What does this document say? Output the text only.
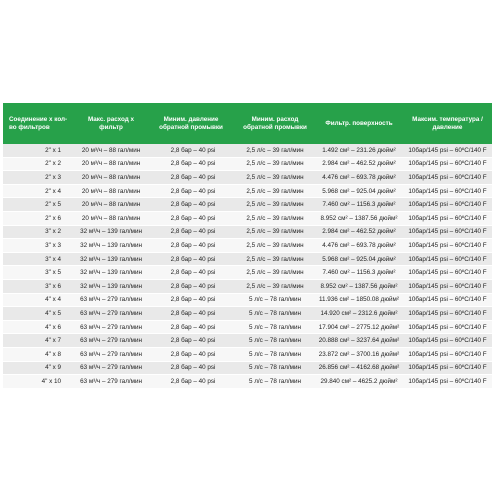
Соединение x кол-во фильтров	Макс. расход x фильтр	Миним. давление обратной промывки	Миним. расход обратной промывки	Фильтр. поверхность	Максим. температура / давление
2" x 1	20 м³/ч – 88 гал/мин	2,8 бар – 40 psi	2,5 л/с – 39 гал/мин	1.492 см² – 231.26 дюйм²	10бар/145 psi – 60ºC/140 F
2" x 2	20 м³/ч – 88 гал/мин	2,8 бар – 40 psi	2,5 л/с – 39 гал/мин	2.984 см² – 462.52 дюйм²	10бар/145 psi – 60ºC/140 F
2" x 3	20 м³/ч – 88 гал/мин	2,8 бар – 40 psi	2,5 л/с – 39 гал/мин	4.476 см² – 693.78 дюйм²	10бар/145 psi – 60ºC/140 F
2" x 4	20 м³/ч – 88 гал/мин	2,8 бар – 40 psi	2,5 л/с – 39 гал/мин	5.968 см² – 925.04 дюйм²	10бар/145 psi – 60ºC/140 F
2" x 5	20 м³/ч – 88 гал/мин	2,8 бар – 40 psi	2,5 л/с – 39 гал/мин	7.460 см² – 1156.3 дюйм²	10бар/145 psi – 60ºC/140 F
2" x 6	20 м³/ч – 88 гал/мин	2,8 бар – 40 psi	2,5 л/с – 39 гал/мин	8.952 см² – 1387.56 дюйм²	10бар/145 psi – 60ºC/140 F
3" x 2	32 м³/ч – 139 гал/мин	2,8 бар – 40 psi	2,5 л/с – 39 гал/мин	2.984 см² – 462.52 дюйм²	10бар/145 psi – 60ºC/140 F
3" x 3	32 м³/ч – 139 гал/мин	2,8 бар – 40 psi	2,5 л/с – 39 гал/мин	4.476 см² – 693.78 дюйм²	10бар/145 psi – 60ºC/140 F
3" x 4	32 м³/ч – 139 гал/мин	2,8 бар – 40 psi	2,5 л/с – 39 гал/мин	5.968 см² – 925.04 дюйм²	10бар/145 psi – 60ºC/140 F
3" x 5	32 м³/ч – 139 гал/мин	2,8 бар – 40 psi	2,5 л/с – 39 гал/мин	7.460 см² – 1156.3 дюйм²	10бар/145 psi – 60ºC/140 F
3" x 6	32 м³/ч – 139 гал/мин	2,8 бар – 40 psi	2,5 л/с – 39 гал/мин	8.952 см² – 1387.56 дюйм²	10бар/145 psi – 60ºC/140 F
4" x 4	63 м³/ч – 279 гал/мин	2,8 бар – 40 psi	5 л/с – 78 гал/мин	11.936 см² – 1850.08 дюйм²	10бар/145 psi – 60ºC/140 F
4" x 5	63 м³/ч – 279 гал/мин	2,8 бар – 40 psi	5 л/с – 78 гал/мин	14.920 см² – 2312.6 дюйм²	10бар/145 psi – 60ºC/140 F
4" x 6	63 м³/ч – 279 гал/мин	2,8 бар – 40 psi	5 л/с – 78 гал/мин	17.904 см² – 2775.12 дюйм²	10бар/145 psi – 60ºC/140 F
4" x 7	63 м³/ч – 279 гал/мин	2,8 бар – 40 psi	5 л/с – 78 гал/мин	20.888 см² – 3237.64 дюйм²	10бар/145 psi – 60ºC/140 F
4" x 8	63 м³/ч – 279 гал/мин	2,8 бар – 40 psi	5 л/с – 78 гал/мин	23.872 см² – 3700.16 дюйм²	10бар/145 psi – 60ºC/140 F
4" x 9	63 м³/ч – 279 гал/мин	2,8 бар – 40 psi	5 л/с – 78 гал/мин	26.856 см² – 4162.68 дюйм²	10бар/145 psi – 60ºC/140 F
4" x 10	63 м³/ч – 279 гал/мин	2,8 бар – 40 psi	5 л/с – 78 гал/мин	29.840 см² – 4625.2 дюйм²	10бар/145 psi – 60ºC/140 F
